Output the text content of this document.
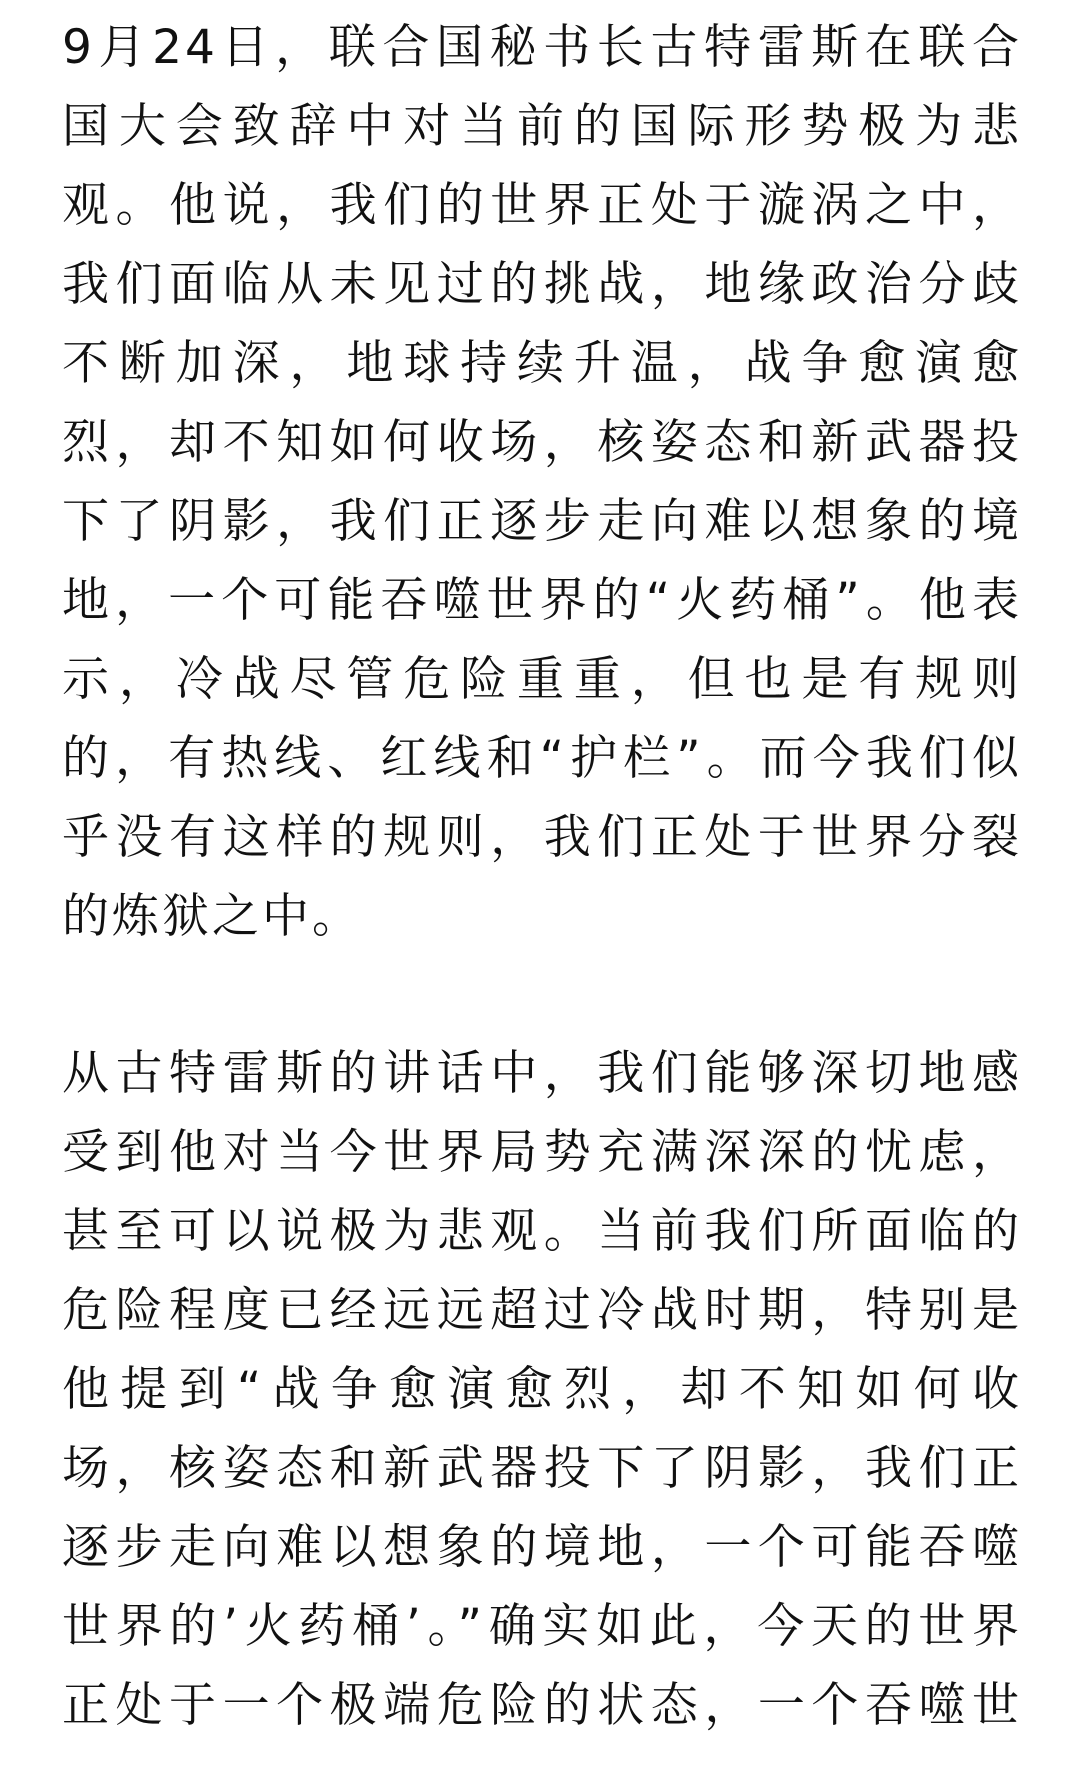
9月24日，联合国秘书长古特雷斯在联合
国大会致辞中对当前的国际形势极为悲
观。他说，我们的世界正处于漩涡之中，
我们面临从未见过的挑战，地缘政治分歧
不断加深，地球持续升温，战争愈演愈
烈，却不知如何收场，核姿态和新武器投
下了阴影，我们正逐步走向难以想象的境
地，一个可能吞噬世界的“火药桶”。他表
示，冷战尽管危险重重，但也是有规则
的，有热线、红线和“护栏”。而今我们似
乎没有这样的规则，我们正处于世界分裂
的炼狱之中。
从古特雷斯的讲话中，我们能够深切地感
受到他对当今世界局势充满深深的忧虑，
甚至可以说极为悲观。当前我们所面临的
危险程度已经远远超过冷战时期，特别是
他提到“战争愈演愈烈，却不知如何收
场，核姿态和新武器投下了阴影，我们正
逐步走向难以想象的境地，一个可能吞噬
世界的’火药桶’。”确实如此，今天的世界
正处于一个极端危险的状态，一个吞噬世
